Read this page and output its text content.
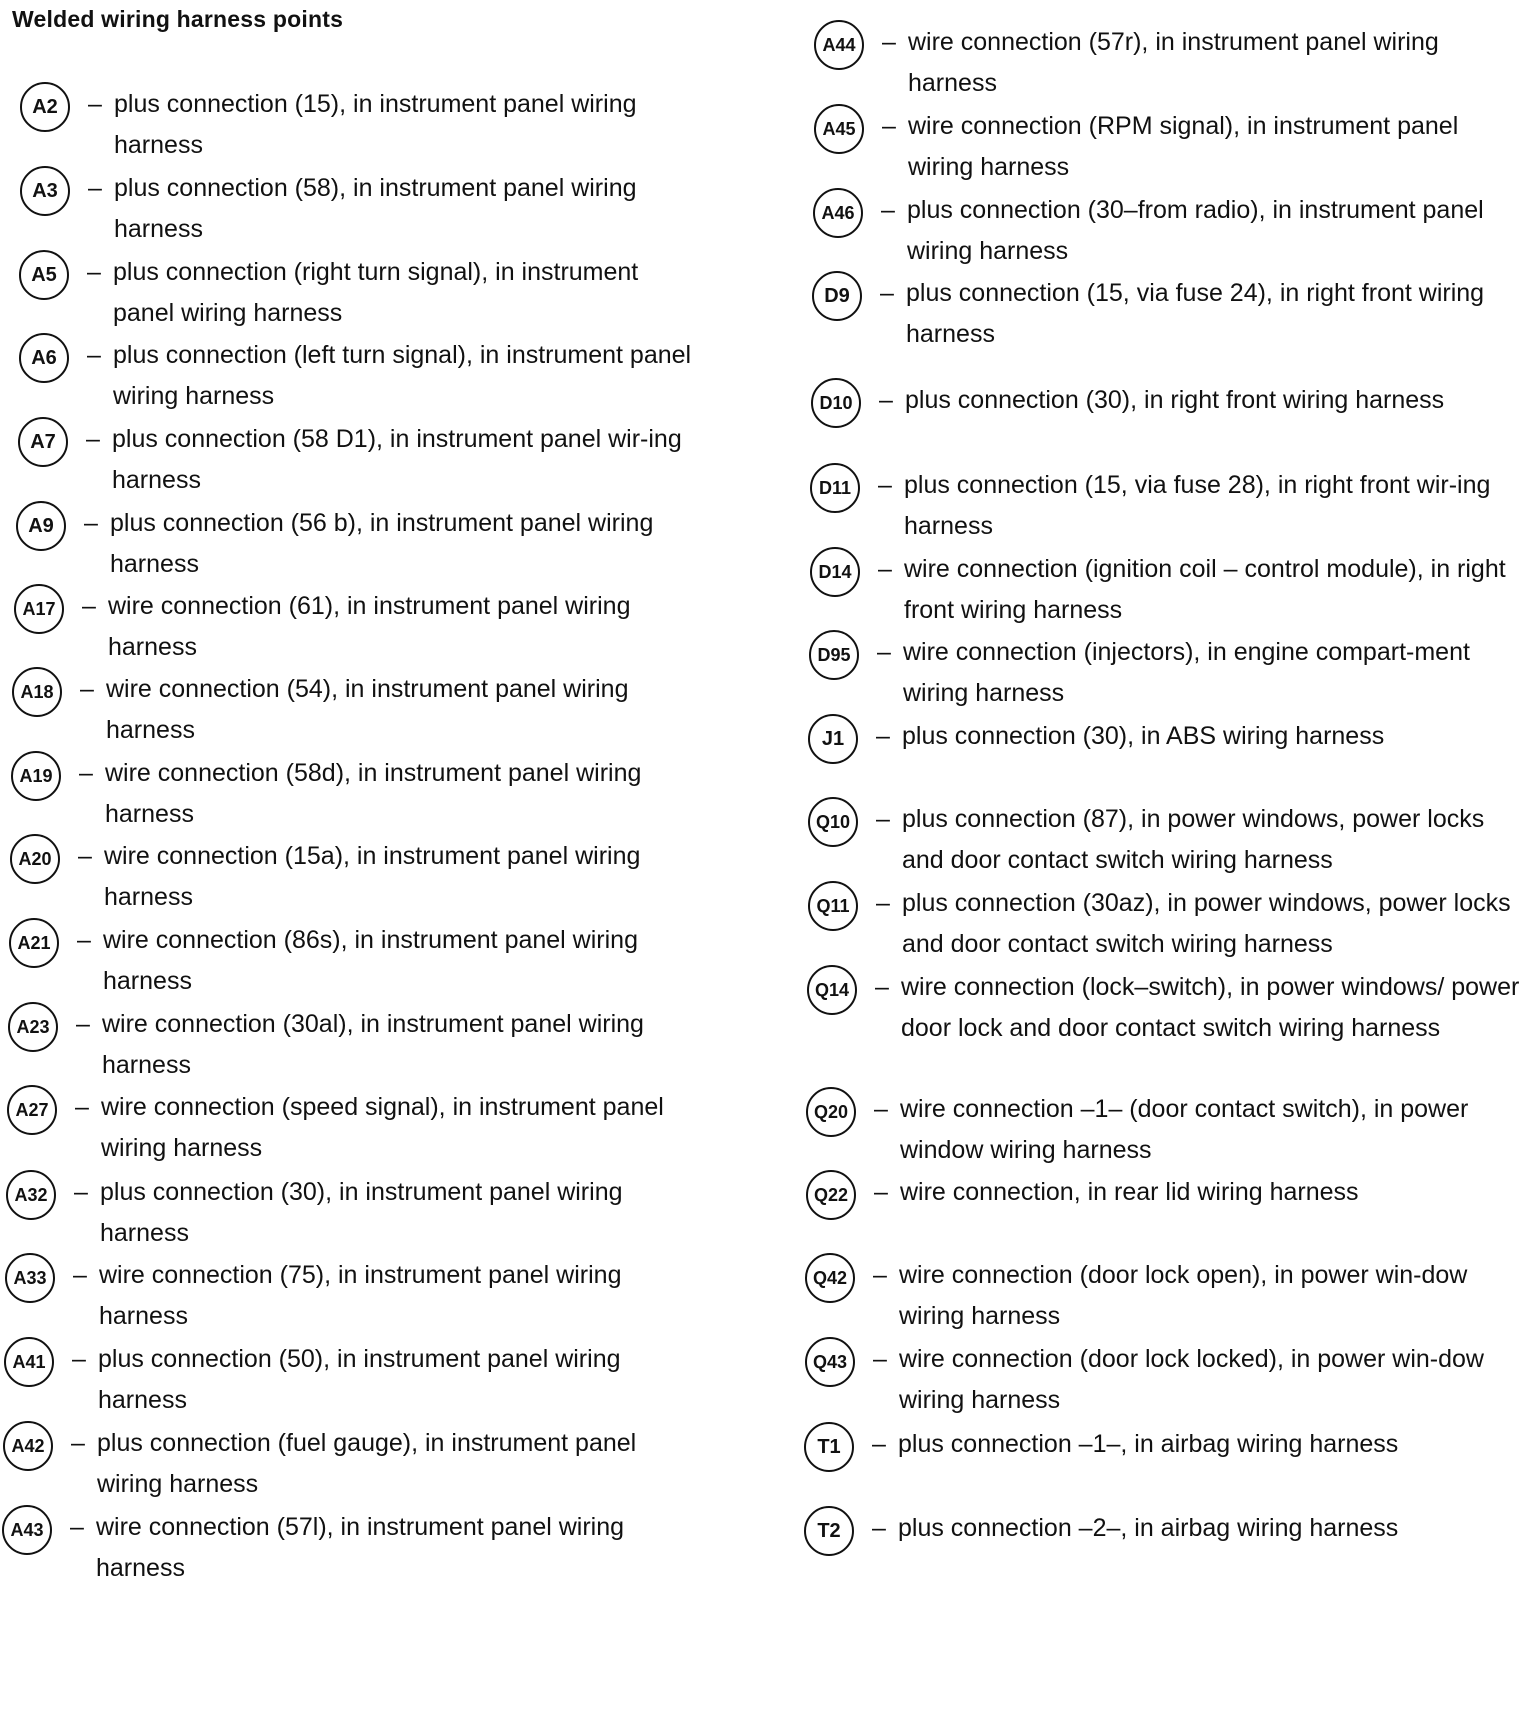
Welded wiring harness points
A2	– plus connection (15), in instrument panel wiring harness

A3	– plus connection (58), in instrument panel wiring harness

A5	– plus connection (right turn signal), in instrument panel wiring harness

A6	– plus connection (left turn signal), in instrument panel wiring harness

A7	– plus connection (58 D1), in instrument panel wir-ing harness

A9	– plus connection (56 b), in instrument panel wiring harness

A17	– wire connection (61), in instrument panel wiring harness

A18	– wire connection (54), in instrument panel wiring harness

A19	– wire connection (58d), in instrument panel wiring harness

A20	– wire connection (15a), in instrument panel wiring harness

A21	– wire connection (86s), in instrument panel wiring harness

A23	– wire connection (30al), in instrument panel wiring harness

A27	– wire connection (speed signal), in instrument panel wiring harness

A32	– plus connection (30), in instrument panel wiring harness

A33	– wire connection (75), in instrument panel wiring harness

A41	– plus connection (50), in instrument panel wiring harness

A42	– plus connection (fuel gauge), in instrument panel wiring harness

A43	– wire connection (57l), in instrument panel wiring harness

A44	– wire connection (57r), in instrument panel wiring harness

A45	– wire connection (RPM signal), in instrument panel wiring harness

A46	– plus connection (30–from radio), in instrument panel wiring harness

D9	– plus connection (15, via fuse 24), in right front wiring harness

D10	– plus connection (30), in right front wiring harness

D11	– plus connection (15, via fuse 28), in right front wir-ing harness

D14	– wire connection (ignition coil – control module), in right front wiring harness

D95	– wire connection (injectors), in engine compart-ment wiring harness

J1	– plus connection (30), in ABS wiring harness

Q10	– plus connection (87), in power windows, power locks and door contact switch wiring harness

Q11	– plus connection (30az), in power windows, power locks and door contact switch wiring harness

Q14	– wire connection (lock–switch), in power windows/ power door lock and door contact switch wiring harness

Q20	– wire connection –1– (door contact switch), in power window wiring harness

Q22	– wire connection, in rear lid wiring harness

Q42	– wire connection (door lock open), in power win-dow wiring harness

Q43	– wire connection (door lock locked), in power win-dow wiring harness

T1	– plus connection –1–, in airbag wiring harness

T2	– plus connection –2–, in airbag wiring harness
